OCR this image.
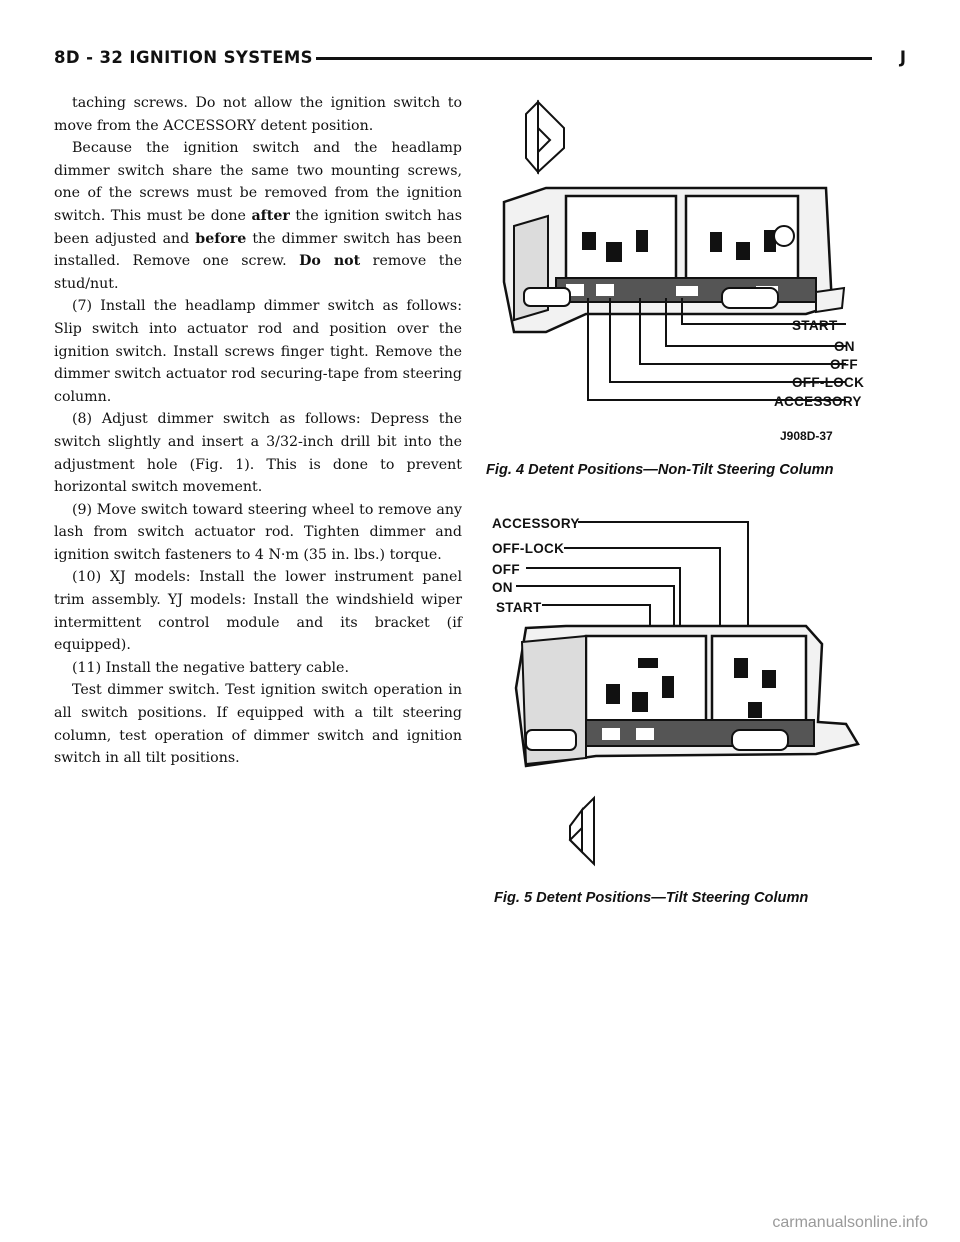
8D - 32 IGNITION SYSTEMS	J

taching screws. Do not allow the ignition switch to move from the ACCESSORY detent position.

Because the ignition switch and the headlamp dimmer switch share the same two mounting screws, one of the screws must be removed from the ignition switch. This must be done after the ignition switch has been adjusted and before the dimmer switch has been installed. Remove one screw. Do not remove the stud/nut.

(7) Install the headlamp dimmer switch as follows: Slip switch into actuator rod and position over the ignition switch. Install screws finger tight. Remove the dimmer switch actuator rod securing-tape from steering column.

(8) Adjust dimmer switch as follows: Depress the switch slightly and insert a 3/32-inch drill bit into the adjustment hole (Fig. 1). This is done to prevent horizontal switch movement.

(9) Move switch toward steering wheel to remove any lash from switch actuator rod. Tighten dimmer and ignition switch fasteners to 4 N·m (35 in. lbs.) torque.

(10) XJ models: Install the lower instrument panel trim assembly. YJ models: Install the windshield wiper intermittent control module and its bracket (if equipped).

(11) Install the negative battery cable.

Test dimmer switch. Test ignition switch operation in all switch positions. If equipped with a tilt steering column, test operation of dimmer switch and ignition switch in all tilt positions.

START
ON
OFF
OFF-LOCK
ACCESSORY
J908D-37
Fig. 4 Detent Positions—Non-Tilt Steering Column
ACCESSORY
OFF-LOCK
OFF
ON
START
Fig. 5 Detent Positions—Tilt Steering Column
carmanualsonline.info
